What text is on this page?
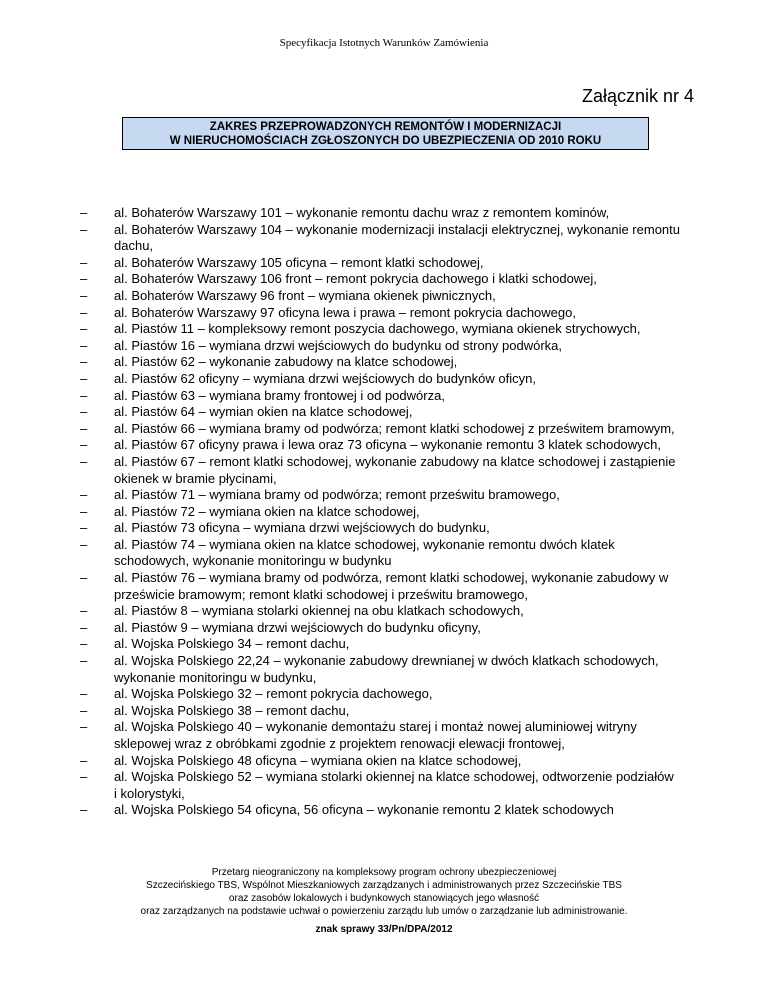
Specyfikacja Istotnych Warunków Zamówienia
Załącznik nr 4
ZAKRES PRZEPROWADZONYCH REMONTÓW I MODERNIZACJI
W NIERUCHOMOŚCIACH ZGŁOSZONYCH DO UBEZPIECZENIA OD 2010 ROKU
– al. Bohaterów Warszawy 101 – wykonanie remontu dachu wraz z remontem kominów,
– al. Bohaterów Warszawy 104 – wykonanie modernizacji instalacji elektrycznej, wykonanie remontu dachu,
– al. Bohaterów Warszawy 105 oficyna – remont klatki schodowej,
– al. Bohaterów Warszawy 106 front – remont pokrycia dachowego i klatki schodowej,
– al. Bohaterów Warszawy 96 front – wymiana okienek piwnicznych,
– al. Bohaterów Warszawy 97 oficyna lewa i prawa – remont pokrycia dachowego,
– al. Piastów 11 – kompleksowy remont poszycia dachowego, wymiana okienek strychowych,
– al. Piastów 16 – wymiana drzwi wejściowych do budynku od strony podwórka,
– al. Piastów 62 – wykonanie zabudowy na klatce schodowej,
– al. Piastów 62 oficyny – wymiana drzwi wejściowych do budynków oficyn,
– al. Piastów 63 – wymiana bramy frontowej i od podwórza,
– al. Piastów 64 – wymian okien na klatce schodowej,
– al. Piastów 66 – wymiana bramy od podwórza; remont klatki schodowej z prześwitem bramowym,
– al. Piastów 67 oficyny prawa i lewa oraz 73 oficyna – wykonanie remontu 3 klatek schodowych,
– al. Piastów 67 – remont klatki schodowej, wykonanie zabudowy na klatce schodowej i zastąpienie okienek w bramie płycinami,
– al. Piastów 71 – wymiana bramy od podwórza; remont prześwitu bramowego,
– al. Piastów 72 – wymiana okien na klatce schodowej,
– al. Piastów 73 oficyna – wymiana drzwi wejściowych do budynku,
– al. Piastów 74 – wymiana okien na klatce schodowej, wykonanie remontu dwóch klatek schodowych, wykonanie monitoringu w budynku
– al. Piastów 76 – wymiana bramy od podwórza, remont klatki schodowej, wykonanie zabudowy w prześwicie bramowym; remont klatki schodowej i prześwitu bramowego,
– al. Piastów 8 – wymiana stolarki okiennej na obu klatkach schodowych,
– al. Piastów 9 – wymiana drzwi wejściowych do budynku oficyny,
– al. Wojska Polskiego 34 – remont dachu,
– al. Wojska Polskiego 22,24 – wykonanie zabudowy drewnianej w dwóch klatkach schodowych, wykonanie monitoringu w budynku,
– al. Wojska Polskiego 32 – remont pokrycia dachowego,
– al. Wojska Polskiego 38 – remont dachu,
– al. Wojska Polskiego 40 – wykonanie demontażu starej i montaż nowej aluminiowej witryny sklepowej wraz z obróbkami zgodnie z projektem renowacji elewacji frontowej,
– al. Wojska Polskiego 48 oficyna – wymiana okien na klatce schodowej,
– al. Wojska Polskiego 52 – wymiana stolarki okiennej na klatce schodowej, odtworzenie podziałów i kolorystyki,
– al. Wojska Polskiego 54 oficyna, 56 oficyna – wykonanie remontu 2 klatek schodowych
Przetarg nieograniczony na kompleksowy program ochrony ubezpieczeniowej
Szczecińskiego TBS, Wspólnot Mieszkaniowych zarządzanych i administrowanych przez Szczecińskie TBS
oraz zasobów lokalowych i budynkowych stanowiących jego własność
oraz zarządzanych na podstawie uchwał o powierzeniu zarządu lub umów o zarządzanie lub administrowanie.
znak sprawy 33/Pn/DPA/2012
